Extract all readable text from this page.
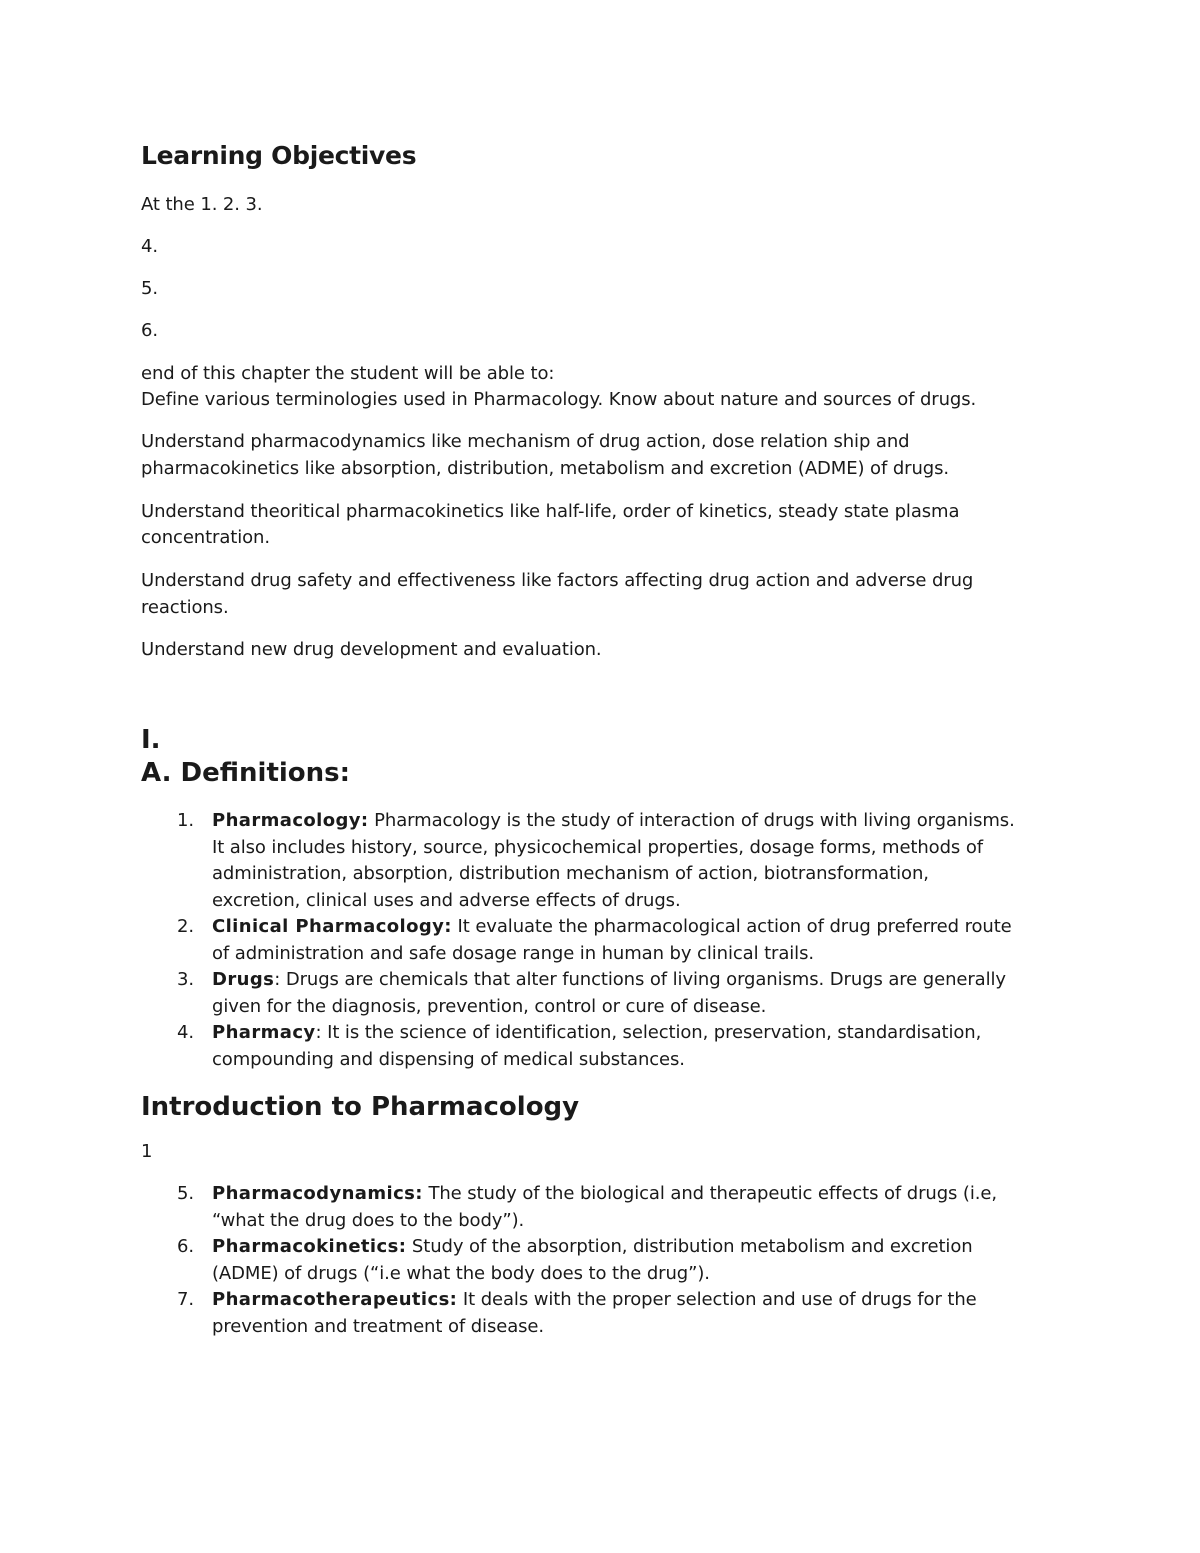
Learning Objectives

At the 1. 2. 3.

4.

5.

6.

end of this chapter the student will be able to:

Define various terminologies used in Pharmacology. Know about nature and sources of drugs.

Understand pharmacodynamics like mechanism of drug action, dose relation ship and

pharmacokinetics like absorption, distribution, metabolism and excretion (ADME) of drugs.

Understand theoritical pharmacokinetics like half-life, order of kinetics, steady state plasma

concentration.

Understand drug safety and effectiveness like factors affecting drug action and adverse drug

reactions.

Understand new drug development and evaluation.

I.
A. Definitions:
1. Pharmacology: Pharmacology is the study of interaction of drugs with living organisms.
It also includes history, source, physicochemical properties, dosage forms, methods of
administration, absorption, distribution mechanism of action, biotransformation,
excretion, clinical uses and adverse effects of drugs.
2. Clinical Pharmacology: It evaluate the pharmacological action of drug preferred route
of administration and safe dosage range in human by clinical trails.
3. Drugs: Drugs are chemicals that alter functions of living organisms. Drugs are generally
given for the diagnosis, prevention, control or cure of disease.
4. Pharmacy: It is the science of identification, selection, preservation, standardisation,
compounding and dispensing of medical substances.
Introduction to Pharmacology

1

5. Pharmacodynamics: The study of the biological and therapeutic effects of drugs (i.e,
“what the drug does to the body”).
6. Pharmacokinetics: Study of the absorption, distribution metabolism and excretion
(ADME) of drugs (“i.e what the body does to the drug”).
7. Pharmacotherapeutics: It deals with the proper selection and use of drugs for the
prevention and treatment of disease.
